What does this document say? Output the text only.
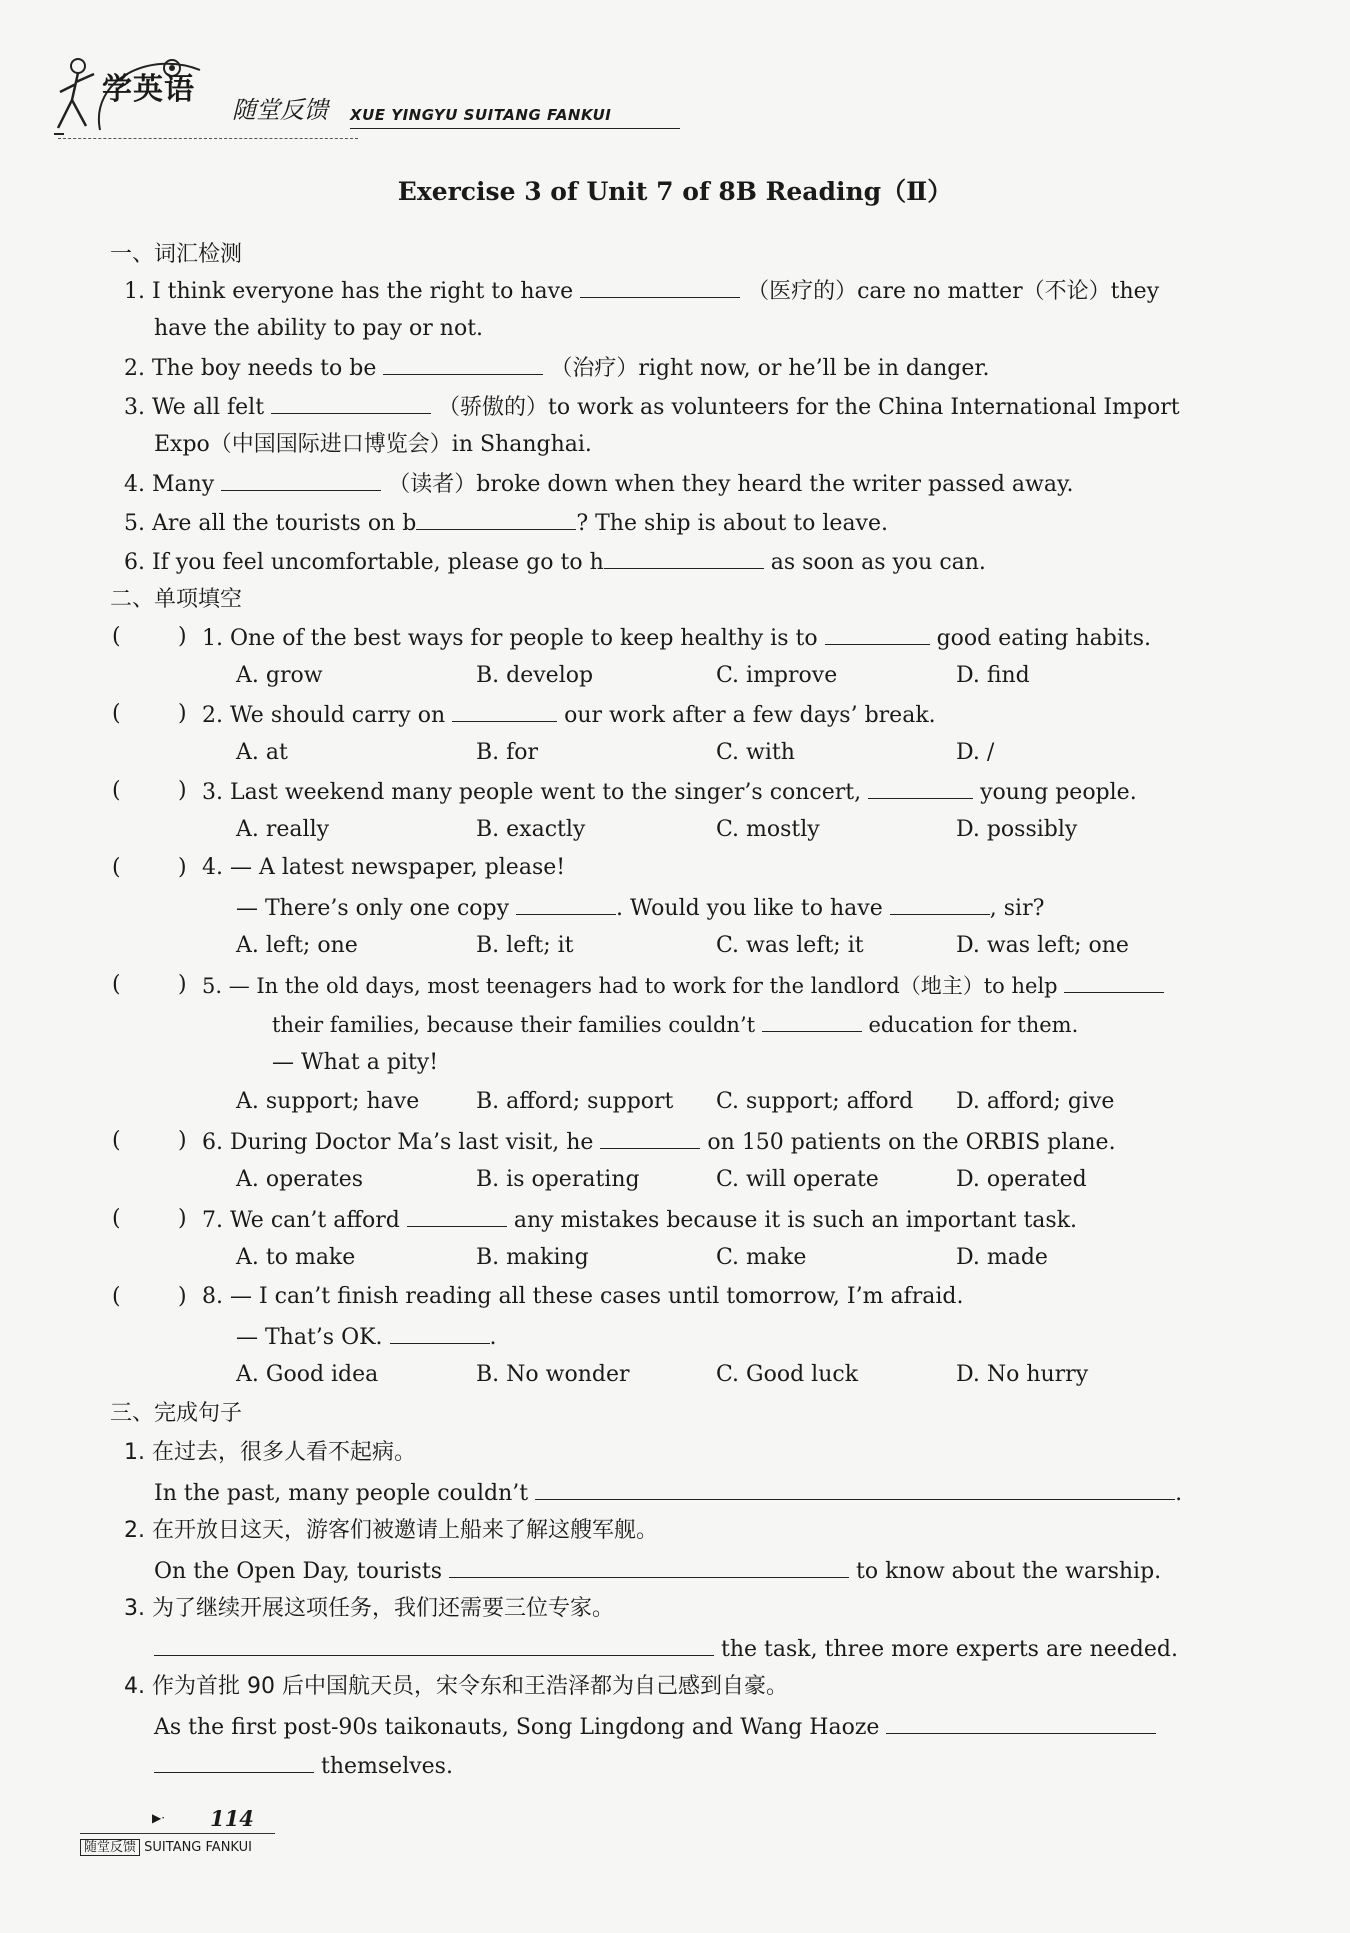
学英语
随堂反馈 XUE YINGYU SUITANG FANKUI
Exercise 3 of Unit 7 of 8B Reading（Ⅱ）
一、词汇检测
1. I think everyone has the right to have	（医疗的）care no matter（不论）they
have the ability to pay or not.
2. The boy needs to be	（治疗）right now, or he’ll be in danger.
3. We all felt	（骄傲的）to work as volunteers for the China International Import
Expo（中国国际进口博览会）in Shanghai.
4. Many	（读者）broke down when they heard the writer passed away.
5. Are all the tourists on b	? The ship is about to leave.
6. If you feel uncomfortable, please go to h	as soon as you can.
二、单项填空
(	) 1. One of the best ways for people to keep healthy is to	good eating habits.
A. grow	B. develop	C. improve	D. find
(	) 2. We should carry on	our work after a few days’ break.
A. at	B. for	C. with	D. /
(	) 3. Last weekend many people went to the singer’s concert,	young people.
A. really	B. exactly	C. mostly	D. possibly
(	) 4. — A latest newspaper, please!
— There’s only one copy	. Would you like to have	, sir?
A. left; one	B. left; it	C. was left; it	D. was left; one
(	) 5. — In the old days, most teenagers had to work for the landlord（地主）to help
their families, because their families couldn’t	education for them.
— What a pity!
A. support; have	B. afford; support C. support; afford D. afford; give
(	) 6. During Doctor Ma’s last visit, he	on 150 patients on the ORBIS plane.
A. operates	B. is operating	C. will operate	D. operated
(	) 7. We can’t afford	any mistakes because it is such an important task.
A. to make	B. making	C. make	D. made
(	) 8. — I can’t finish reading all these cases until tomorrow, I’m afraid.
— That’s OK.	.
A. Good idea	B. No wonder	C. Good luck	D. No hurry
三、完成句子
1. 在过去，很多人看不起病。
In the past, many people couldn’t	.
2. 在开放日这天，游客们被邀请上船来了解这艘军舰。
On the Open Day, tourists	to know about the warship.
3. 为了继续开展这项任务，我们还需要三位专家。
the task, three more experts are needed.
4. 作为首批 90 后中国航天员，宋令东和王浩泽都为自己感到自豪。
As the first post-90s taikonauts, Song Lingdong and Wang Haoze
themselves.
▶· 114
随堂反馈 SUITANG FANKUI
